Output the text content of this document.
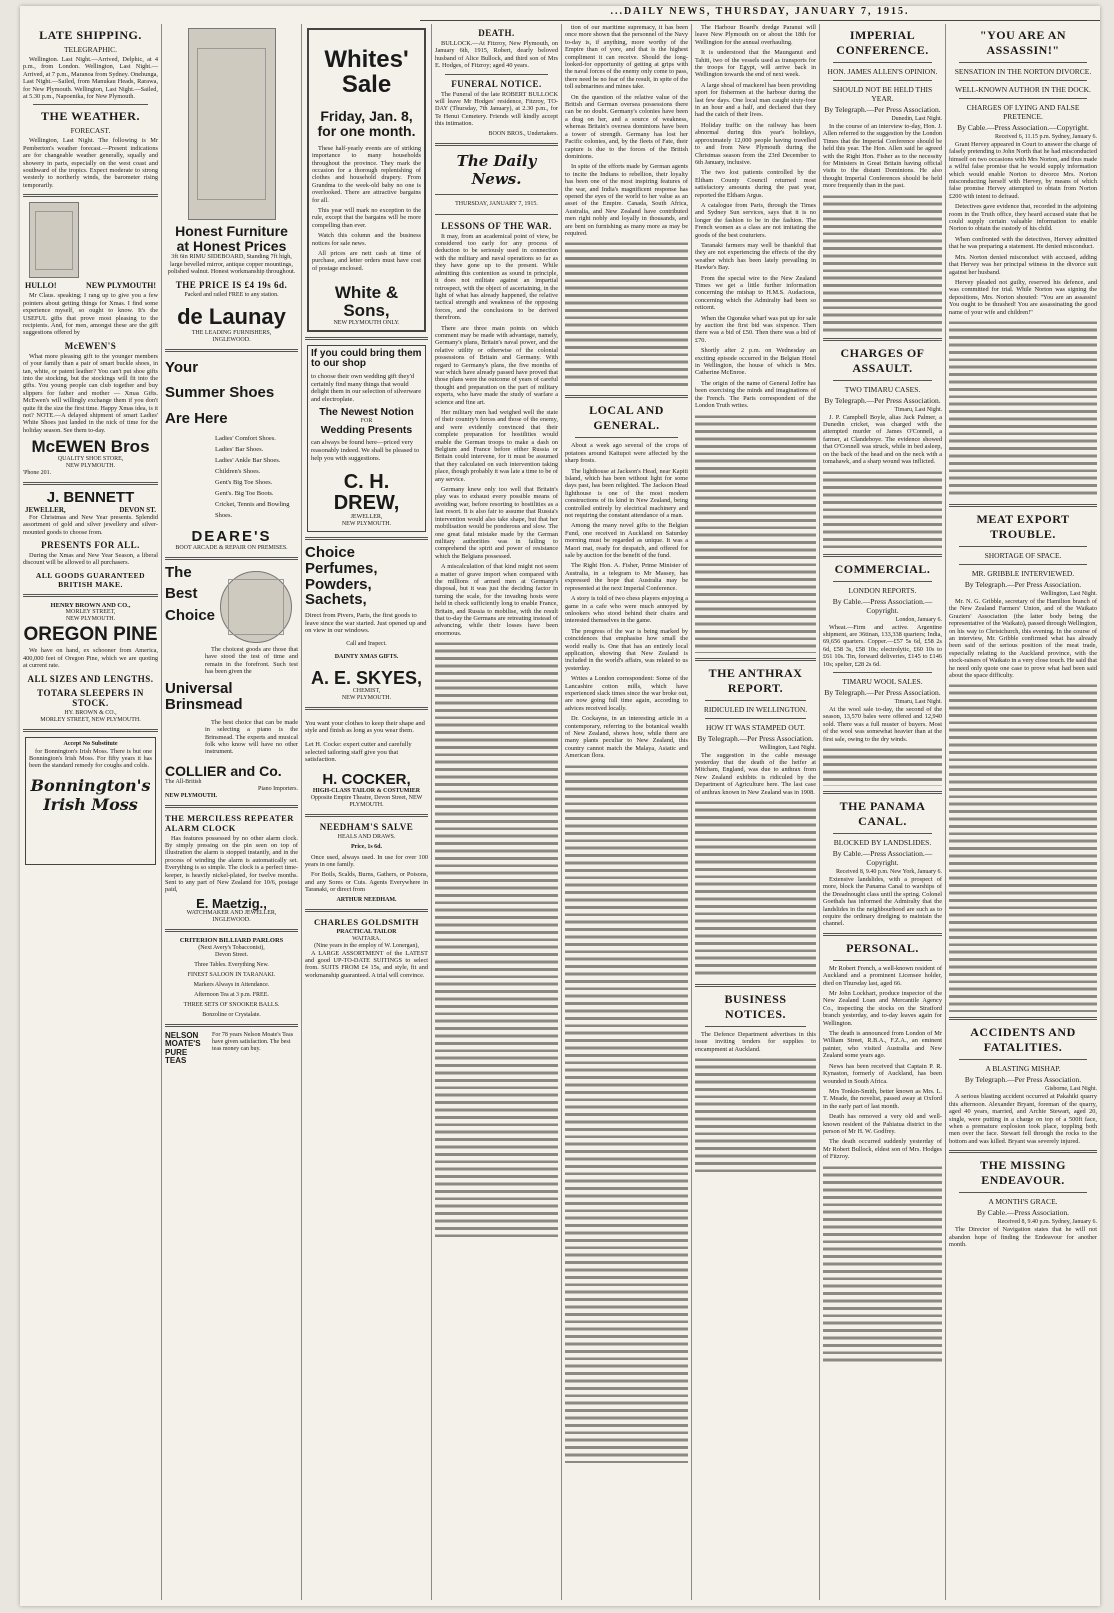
...DAILY NEWS, THURSDAY, JANUARY 7, 1915.
LATE SHIPPING.
TELEGRAPHIC.
Wellington. Last Night.—Arrived, Delphic, at 4 p.m., from London. Wellington, Last Night.—Arrived, at 7 p.m., Maranoa from Sydney. Onehunga, Last Night.—Sailed, from Manukau Heads, Rarawa, for New Plymouth. Wellington, Last Night.—Sailed, at 5.30 p.m., Napoenika, for New Plymouth.
THE WEATHER.
FORECAST.
Wellington, Last Night. The following is Mr Pemberton's weather forecast.—Present indications are for changeable weather generally, squally and showery in parts, especially on the west coast and southward of the tropics. Expect moderate to strong westerly to northerly winds, the barometer rising temporarily.
HULLO!	NEW PLYMOUTH!
Mr Claus. speaking; I rang up to give you a few pointers about getting things for Xmas. I find some experience myself, so ought to know. It's the USEFUL gifts that prove most pleasing to the recipients. And, for men, amongst these are the gift suggestions offered by
McEWEN'S
What more pleasing gift to the younger members of your family than a pair of smart buckle shoes, in tan, white, or patent leather? You can't put shoe gifts into the stocking, but the stockings will fit into the gifts. You young people can club together and buy slippers for father and mother — Xmas Gifts. McEwen's will willingly exchange them if you don't quite fit the size the first time. Happy Xmas idea, is it not? NOTE.—A delayed shipment of smart Ladies' White Shoes just landed in the nick of time for the holiday season. See them to-day.
McEWEN Bros
QUALITY SHOE STORE,
NEW PLYMOUTH.
'Phone 201.
J. BENNETT
JEWELLER,	DEVON ST.
For Christmas and New Year presents. Splendid assortment of gold and silver jewellery and silver-mounted goods to choose from.
PRESENTS FOR ALL.
During the Xmas and New Year Season, a liberal discount will be allowed to all purchasers.
ALL GOODS GUARANTEED BRITISH MAKE.
HENRY BROWN AND CO.,
MORLEY STREET,
NEW PLYMOUTH.
OREGON PINE
We have on hand, ex schooner from America, 400,000 feet of Oregon Pine, which we are quoting at current rate.
ALL SIZES AND LENGTHS.
TOTARA SLEEPERS IN STOCK.
HY. BROWN & CO.,
MORLEY STREET, NEW PLYMOUTH.
Accept No Substitute
for Bonnington's Irish Moss. There is but one Bonnington's Irish Moss. For fifty years it has been the standard remedy for coughs and colds.
Bonnington's Irish Moss
Honest Furniture
at Honest Prices
3ft 6in RIMU SIDEBOARD, Standing 7ft high, large bevelled mirror, antique copper mountings, polished walnut. Honest workmanship throughout.
THE PRICE IS £4 19s 6d.
Packed and railed FREE to any station.
de Launay
THE LEADING FURNISHERS,
INGLEWOOD.
Your
Summer Shoes
Are Here
Ladies' Comfort Shoes.
Ladies' Bar Shoes.
Ladies' Ankle Bar Shoes.
Children's Shoes.
Gent's Big Toe Shoes.
Gent's. Big Toe Boots.
Cricket, Tennis and Bowling Shoes.
DEARE'S
BOOT ARCADE & REPAIR ON PREMISES.
The
Best
Choice
The choicest goods are those that have stood the test of time and remain in the forefront. Such test has been given the
Universal
Brinsmead
The best choice that can be made in selecting a piano is the Brinsmead. The experts and musical folk who know will have no other instrument.
COLLIER and Co.
The All-British
Piano Importers.
NEW PLYMOUTH.
THE MERCILESS REPEATER ALARM CLOCK
Has features possessed by no other alarm clock. By simply pressing on the pin seen on top of illustration the alarm is stopped instantly, and in the process of winding the alarm is automatically set. Everything is so simple. The clock is a perfect time-keeper, is heavily nickel-plated, for twelve months. Sent to any part of New Zealand for 10/6, postage paid,
E. Maetzig.,
WATCHMAKER AND JEWELLER,
INGLEWOOD.
CRITERION BILLIARD PARLORS
(Next Avery's Tobacconist),
Devon Street.
Three Tables. Everything New.
FINEST SALOON IN TARANAKI.
Markers Always in Attendance.
Afternoon Tea at 3 p.m. FREE.
THREE SETS OF SNOOKER BALLS.
Bonzoline or Crystalate.
NELSON MOATE'S PURE TEAS
For 78 years Nelson Moate's Teas have given satisfaction. The best teas money can buy.
Whites'
Sale
Friday, Jan. 8,
for one month.
These half-yearly events are of striking importance to many households throughout the province. They mark the occasion for a thorough replenishing of clothes and household drapery. From Grandma to the week-old baby no one is overlooked. There are attractive bargains for all.
This year will mark no exception to the rule, except that the bargains will be more compelling than ever.
Watch this column and the business notices for sale news.
All prices are nett cash at time of purchase, and letter orders must have cost of postage enclosed.
White & Sons,
NEW PLYMOUTH ONLY.
If you could bring them to our shop
to choose their own wedding gift they'd certainly find many things that would delight them in our selection of silverware and electroplate.
The Newest Notion
FOR
Wedding Presents
can always be found here—priced very reasonably indeed. We shall be pleased to help you with suggestions.
C. H. DREW,
JEWELLER,
NEW PLYMOUTH.
Choice
Perfumes,
Powders,
Sachets,
Direct from Pivers, Paris, the first goods to leave since the war started. Just opened up and on view in our windows.
Call and Inspect.
DAINTY XMAS GIFTS.
A. E. SKYES,
CHEMIST,
NEW PLYMOUTH.
You want your clothes to keep their shape and style and finish as long as you wear them.
Let H. Cocke: expert cutter and carefully selected tailoring staff give you that satisfaction.
H. COCKER,
HIGH-CLASS TAILOR & COSTUMIER
Opposite Empire Theatre, Devon Street, NEW PLYMOUTH.
NEEDHAM'S SALVE
HEALS AND DRAWS.
Price, 1s 6d.
Once used, always used. In use for over 100 years in one family.
For Boils, Scalds, Burns, Gathers, or Poisons, and any Sores or Cuts. Agents Everywhere in Taranaki, or direct from
ARTHUR NEEDHAM.
CHARLES GOLDSMITH
PRACTICAL TAILOR
WAITARA.
(Nine years in the employ of W. Lonergan),
A LARGE ASSORTMENT of the LATEST and good UP-TO-DATE SUITINGS to select from. SUITS FROM £4 15s, and style, fit and workmanship guaranteed. A trial will convince.
DEATH.
BULLOCK.—At Fitzroy, New Plymouth, on January 6th, 1915, Robert, dearly beloved husband of Alice Bullock, and third son of Mrs E. Hodges, of Fitzroy; aged 40 years.
FUNERAL NOTICE.
The Funeral of the late ROBERT BULLOCK will leave Mr Hodges' residence, Fitzroy, TO-DAY (Thursday, 7th January), at 2.30 p.m., for Te Henui Cemetery. Friends will kindly accept this intimation.
BOON BROS., Undertakers.
The Daily News.
THURSDAY, JANUARY 7, 1915.
LESSONS OF THE WAR.
It may, from an academical point of view, be considered too early for any process of deduction to be seriously used in connection with the military and naval operations so far as they have gone up to the present. While admitting this contention as sound in principle, it does not militate against an impartial retrospect, with the object of ascertaining, in the light of what has already happened, the relative tactical strength and weakness of the opposing forces, and the conclusions to be derived therefrom.
There are three main points on which comment may be made with advantage, namely, Germany's plans, Britain's naval power, and the relative utility or otherwise of the colonial possessions of Britain and Germany. With regard to Germany's plans, the five months of war which have already passed have proved that those plans were the outcome of years of careful thought and preparation on the part of military experts, who have made the study of warfare a science and fine art.
Her military men had weighed well the state of their country's forces and those of the enemy, and were evidently convinced that their complete preparation for hostilities would enable the German troops to make a dash on Belgium and France before either Russia or Britain could intervene, for it must be assumed that they calculated on such intervention taking place, though probably it was late a time to be of any service.
Germany knew only too well that Britain's play was to exhaust every possible means of avoiding war, before resorting to hostilities as a last resort. It is also fair to assume that Russia's intervention would also take shape, but that her mobilisation would be ponderous and slow. The one great fatal mistake made by the German military authorities was in failing to comprehend the spirit and power of resistance which the Belgians possessed.
A miscalculation of that kind might not seem a matter of grave import when compared with the millions of armed men at Germany's disposal, but it was just the deciding factor in turning the scale, for the invading hosts were held in check sufficiently long to enable France, Britain, and Russia to mobilise, with the result that to-day the Germans are retreating instead of advancing, while their losses have been enormous.
tion of our maritime supremacy, it has been once more shown that the personnel of the Navy to-day is, if anything, more worthy of the Empire than of yore, and that is the highest compliment it can receive. Should the long-looked-for opportunity of getting at grips with the naval forces of the enemy only come to pass, there need be no fear of the result, in spite of the toll submarines and mines take.
On the question of the relative value of the British and German oversea possessions there can be no doubt. Germany's colonies have been a drag on her, and a source of weakness, whereas Britain's oversea dominions have been a tower of strength. Germany has lost her Pacific colonies, and, by the fleets of Fate, their capture is due to the forces of the British dominions.
In spite of the efforts made by German agents to incite the Indians to rebellion, their loyalty has been one of the most inspiring features of the war, and India's magnificent response has opened the eyes of the world to her value as an asset of the Empire. Canada, South Africa, Australia, and New Zealand have contributed men right nobly and loyally in thousands, and are bent on furnishing as many more as may be required.
LOCAL AND GENERAL.
About a week ago several of the crops of potatoes around Kaitupoi were affected by the sharp frosts.
The lighthouse at Jackson's Head, near Kapiti Island, which has been without light for some days past, has been relighted. The Jackson Head lighthouse is one of the most modern constructions of its kind in New Zealand, being controlled entirely by electrical machinery and not requiring the constant attendance of a man.
Among the many novel gifts to the Belgian Fund, one received in Auckland on Saturday morning must be regarded as unique. It was a Maori mat, ready for despatch, and offered for sale by auction for the benefit of the fund.
The Right Hon. A. Fisher, Prime Minister of Australia, in a telegram to Mr Massey, has expressed the hope that Australia may be represented at the next Imperial Conference.
A story is told of two chess players enjoying a game in a cafe who were much annoyed by onlookers who stood behind their chairs and interested themselves in the game.
The progress of the war is being marked by coincidences that emphasise how small the world really is. One that has an entirely local application, showing that New Zealand is included in the world's affairs, was related to us yesterday.
Writes a London correspondent: Some of the Lancashire cotton mills, which have experienced slack times since the war broke out, are now going full time again, according to advices received locally.
Dr. Cockayne, in an interesting article in a contemporary, referring to the botanical wealth of New Zealand, shows how, while there are many plants peculiar to New Zealand, this country cannot match the Malaya, Asiatic and American flora.
The Harbour Board's dredge Paranui will leave New Plymouth on or about the 18th for Wellington for the annual overhauling.
It is understood that the Maunganui and Tahiti, two of the vessels used as transports for the troops for Egypt, will arrive back in Wellington towards the end of next week.
A large shoal of mackerel has been providing sport for fishermen at the harbour during the last few days. One local man caught sixty-four in an hour and a half, and declared that they had the catch of their lives.
Holiday traffic on the railway has been abnormal during this year's holidays, approximately 12,000 people having travelled to and from New Plymouth during the Christmas season from the 23rd December to 6th January, inclusive.
The two lost patients controlled by the Eltham County Council returned most satisfactory amounts during the past year, reported the Eltham Argus.
A catalogue from Paris, through the Times and Sydney Sun services, says that it is no longer the fashion to be in the fashion. The French women as a class are not imitating the goods of the best couturiers.
Taranaki farmers may well be thankful that they are not experiencing the effects of the dry weather which has been lately prevailing in Hawke's Bay.
From the special wire to the New Zealand Times we get a little further information concerning the mishap to H.M.S. Audacious, concerning which the Admiralty had been so reticent.
When the Ogonuke wharf was put up for sale by auction the first bid was sixpence. Then there was a bid of £50. Then there was a bid of £70.
Shortly after 2 p.m. on Wednesday an exciting episode occurred in the Belgian Hotel in Wellington, the house of which is Mrs. Catherine McEnroe.
The origin of the name of General Joffre has been exercising the minds and imaginations of the French. The Paris correspondent of the London Truth writes.
THE ANTHRAX REPORT.
RIDICULED IN WELLINGTON.
HOW IT WAS STAMPED OUT.
By Telegraph.—Per Press Association.
Wellington, Last Night.
The suggestion in the cable message yesterday that the death of the heifer at Mitcham, England, was due to anthrax from New Zealand exhibits is ridiculed by the Department of Agriculture here. The last case of anthrax known in New Zealand was in 1908.
BUSINESS NOTICES.
The Defence Department advertises in this issue inviting tenders for supplies to encampment at Auckland.
IMPERIAL CONFERENCE.
HON. JAMES ALLEN'S OPINION.
SHOULD NOT BE HELD THIS YEAR.
By Telegraph.—Per Press Association.
Dunedin, Last Night.
In the course of an interview to-day, Hon. J. Allen referred to the suggestion by the London Times that the Imperial Conference should be held this year. The Hon. Allen said he agreed with the Right Hon. Fisher as to the necessity for Ministers in Great Britain having official visits to the distant Dominions. He also thought Imperial Conferences should be held more frequently than in the past.
CHARGES OF ASSAULT.
TWO TIMARU CASES.
By Telegraph.—Per Press Association.
Timaru, Last Night.
J. P. Campbell Boyle, alias Jack Palmer, a Dunedin cricket, was charged with the attempted murder of James O'Connell, a farmer, at Clandeboye. The evidence showed that O'Connell was struck, while in bed asleep, on the back of the head and on the neck with a tomahawk, and a sharp wound was inflicted.
COMMERCIAL.
LONDON REPORTS.
By Cable.—Press Association.—Copyright.
London, January 6.
Wheat.—Firm and active. Argentine shipment, are 36tinan, 133,338 quarters; India, 69,656 quarters. Copper.—£57 5s 6d, £58 2s 6d, £58 3s, £58 10s; electrolytic, £60 10s to £61 10s. Tin, forward deliveries, £145 to £146 10s; spelter, £28 2s 6d.
TIMARU WOOL SALES.
By Telegraph.—Per Press Association.
Timaru, Last Night.
At the wool sale to-day, the second of the season, 13,570 bales were offered and 12,940 sold. There was a full muster of buyers. Most of the wool was somewhat heavier than at the first sale, owing to the dry winds.
THE PANAMA CANAL.
BLOCKED BY LANDSLIDES.
By Cable.—Press Association.—Copyright.
Received 8, 9.40 p.m. New York, January 6.
Extensive landslides, with a prospect of more, block the Panama Canal to warships of the Dreadnought class until the spring. Colonel Goethals has informed the Admiralty that the landslides in the neighbourhood are such as to require the ordinary dredging to maintain the channel.
PERSONAL.
Mr Robert French, a well-known resident of Auckland and a prominent Licensee holder, died on Thursday last, aged 66.
Mr John Lockhart, produce inspector of the New Zealand Loan and Mercantile Agency Co., inspecting the stocks on the Stratford branch yesterday, and to-day leaves again for Wellington.
The death is announced from London of Mr William Street, R.B.A., F.Z.A., an eminent painter, who visited Australia and New Zealand some years ago.
News has been received that Captain P. R. Kynaston, formerly of Auckland, has been wounded in South Africa.
Mrs Tonkin-Smith, better known as Mrs. L. T. Meade, the novelist, passed away at Oxford in the early part of last month.
Death has removed a very old and well-known resident of the Pahiatua district in the person of Mr H. W. Godfrey.
The death occurred suddenly yesterday of Mr Robert Bullock, eldest son of Mrs. Hodges of Fitzroy.
"YOU ARE AN ASSASSIN!"
SENSATION IN THE NORTON DIVORCE.
WELL-KNOWN AUTHOR IN THE DOCK.
CHARGES OF LYING AND FALSE PRETENCE.
By Cable.—Press Association.—Copyright.
Received 6, 11.15 p.m. Sydney, January 6.
Grant Hervey appeared in Court to answer the charge of falsely pretending to John North that he had misconducted himself on two occasions with Mrs Norton, and thus made a wilful false promise that he would supply information which would enable Norton to divorce Mrs. Norton misconducting herself with Hervey, by means of which false promise Hervey attempted to obtain from Norton £200 with intent to defraud.
Detectives gave evidence that, recorded in the adjoining room in the Truth office, they heard accused state that he could supply certain valuable information to enable Norton to obtain the custody of his child.
When confronted with the detectives, Hervey admitted that he was preparing a statement. He denied misconduct.
Mrs. Norton denied misconduct with accused, adding that Hervey was her principal witness in the divorce suit against her husband.
Hervey pleaded not guilty, reserved his defence, and was committed for trial. While Norton was signing the depositions, Mrs. Norton shouted: "You are an assassin! You ought to be thrashed! You are assassinating the good name of your wife and children!"
MEAT EXPORT TROUBLE.
SHORTAGE OF SPACE.
MR. GRIBBLE INTERVIEWED.
By Telegraph.—Per Press Association.
Wellington, Last Night.
Mr. N. G. Gribble, secretary of the Hamilton branch of the New Zealand Farmers' Union, and of the Waikato Graziers' Association (the latter body being the representative of the Waikato), passed through Wellington, on his way to Christchurch, this evening. In the course of an interview, Mr. Gribble confirmed what has already been said of the serious position of the meat trade, especially relating to the Auckland province, with the stock-raisers of Waikato in a very close touch. He said that he need only quote one case to prove what had been said about the space difficulty.
ACCIDENTS AND FATALITIES.
A BLASTING MISHAP.
By Telegraph.—Per Press Association.
Gisborne, Last Night.
A serious blasting accident occurred at Pakahiki quarry this afternoon. Alexander Bryant, foreman of the quarry, aged 40 years, married, and Archie Stewart, aged 20, single, were putting in a charge on top of a 500ft face, when a premature explosion took place, toppling both men over the face. Stewart fell through the rocks to the bottom and was killed. Bryant was severely injured.
THE MISSING ENDEAVOUR.
A MONTH'S GRACE.
By Cable.—Press Association.
Received 8, 9.40 p.m. Sydney, January 6.
The Director of Navigation states that he will not abandon hope of finding the Endeavour for another month.
